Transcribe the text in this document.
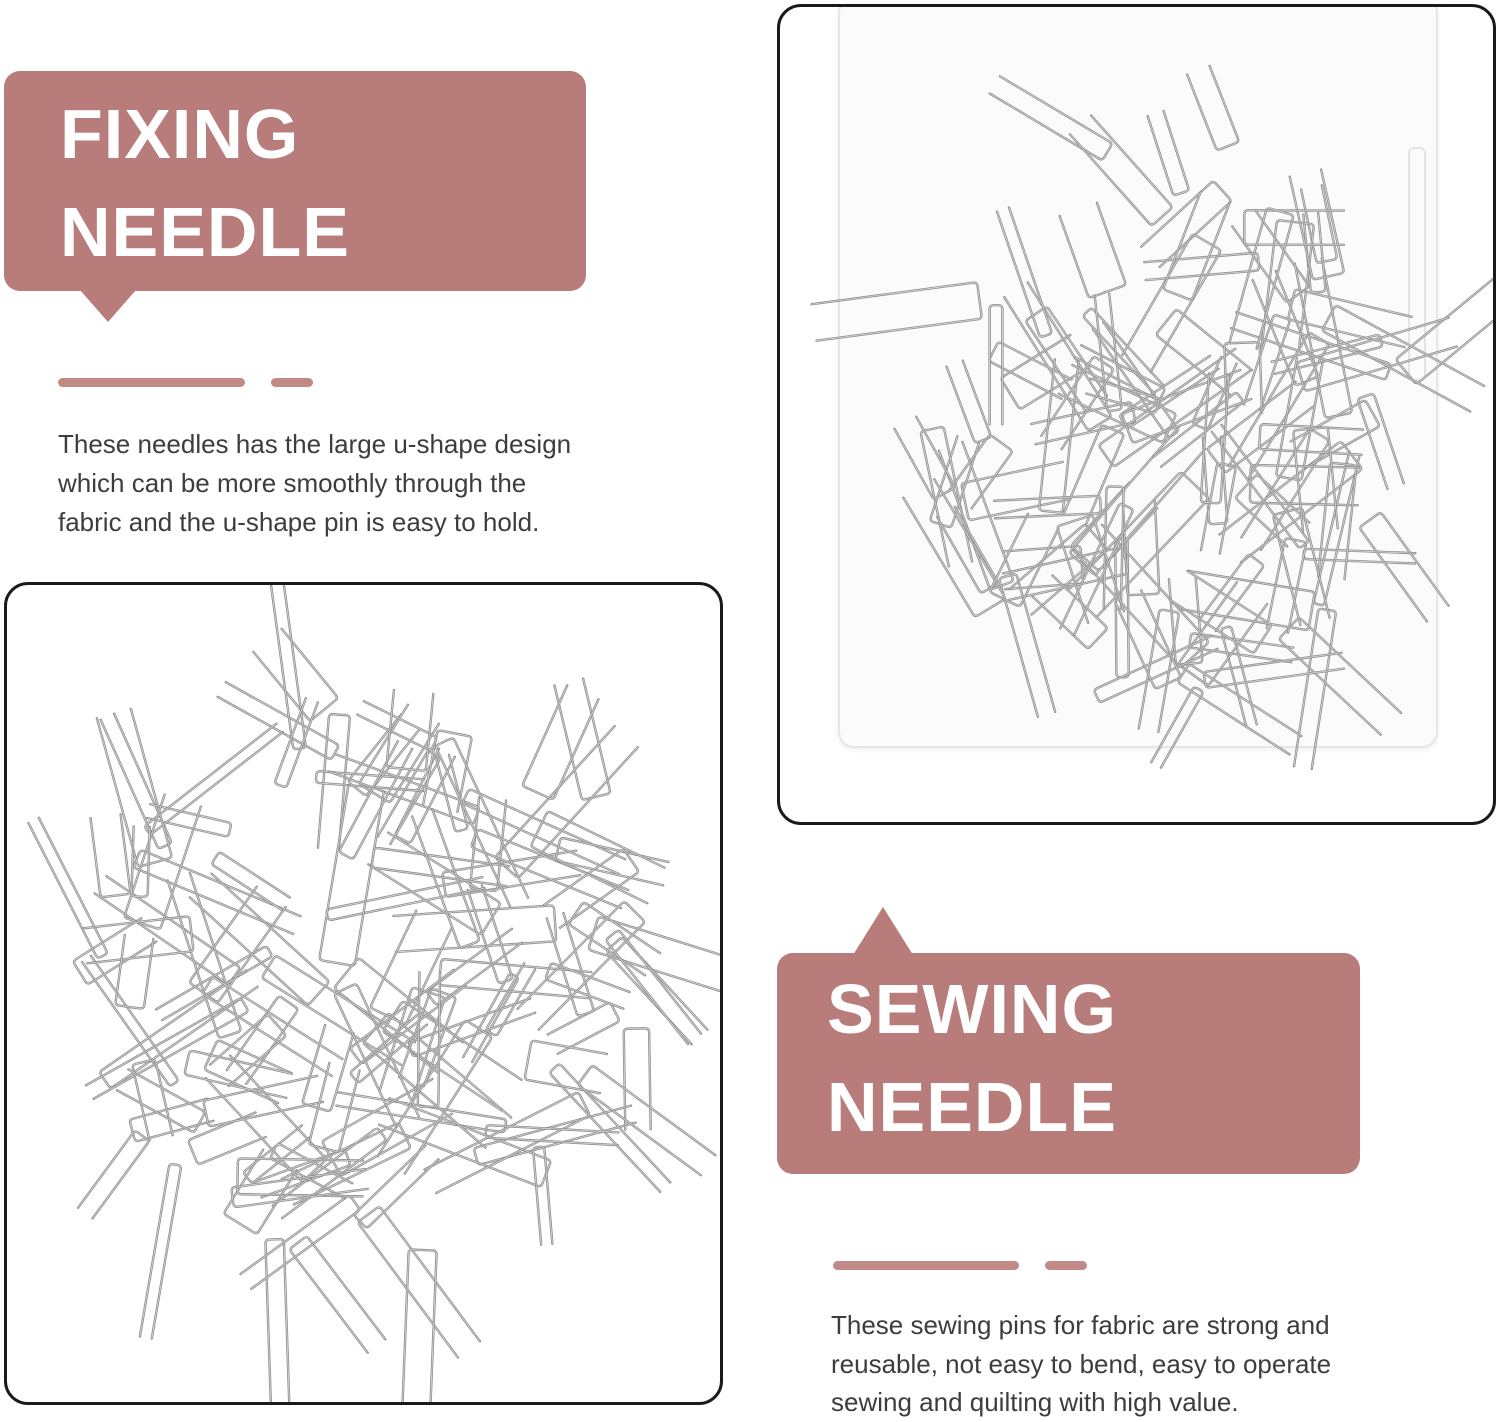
FIXING
NEEDLE

These needles has the large u-shape design

which can be more smoothly through the

fabric and the u-shape pin is easy to hold.

SEWING
NEEDLE

These sewing pins for fabric are strong and

reusable, not easy to bend, easy to operate

sewing and quilting with high value.
